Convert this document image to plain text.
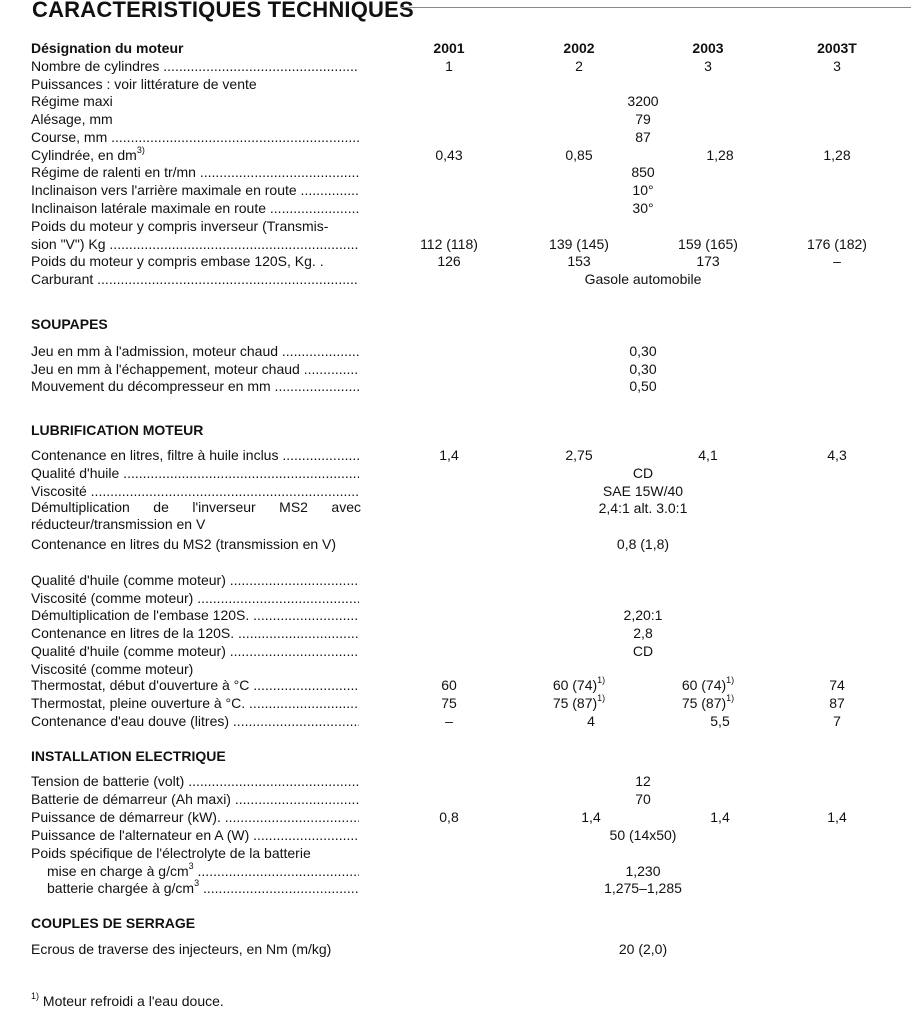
CARACTERISTIQUES TECHNIQUES
Désignation du moteur	2001	2002	2003	2003T
Nombre de cylindres .....	1	2	3	3
Puissances : voir littérature de vente
Régime maxi	3200
Alésage, mm	79
Course, mm .....	87
Cylindrée, en $dm^{3)}$	0,43	0,85	1,28	1,28
Régime de ralenti en tr/mn .....	850
Inclinaison vers l'arrière maximale en route .....	10°
Inclinaison latérale maximale en route .....	30°
Poids du moteur y compris inverseur (Transmis-
sion "V") Kg .....	112 (118)	139 (145)	159 (165)	176 (182)
Poids du moteur y compris embase 120S, Kg. .	126	153	173	–
Carburant .....	Gasole automobile
SOUPAPES
Jeu en mm à l'admission, moteur chaud .....	0,30
Jeu en mm à l'échappement, moteur chaud .....	0,30
Mouvement du décompresseur en mm .....	0,50
LUBRIFICATION MOTEUR
Contenance en litres, filtre à huile inclus .....	1,4	2,75	4,1	4,3
Qualité d'huile .....	CD
Viscosité .....	SAE 15W/40
Démultiplication de l'inverseur MS2 avec réducteur/transmission en V
2,4:1 alt. 3.0:1
Contenance en litres du MS2 (transmission en V)	0,8 (1,8)
Qualité d'huile (comme moteur) .....
Viscosité (comme moteur) .....
Démultiplication de l'embase 120S. .....	2,20:1
Contenance en litres de la 120S. .....	2,8
Qualité d'huile (comme moteur) .....	CD
Viscosité (comme moteur)
Thermostat, début d'ouverture à °C .....	60	60 $(74)^{1)}$	60 $(74)^{1)}$	74
Thermostat, pleine ouverture à °C. .....	75	75 $(87)^{1)}$	75 $(87)^{1)}$	87
Contenance d'eau douve (litres) .....	–	4	5,5	7
INSTALLATION ELECTRIQUE
Tension de batterie (volt) .....	12
Batterie de démarreur (Ah maxi) .....	70
Puissance de démarreur (kW). .....	0,8	1,4	1,4	1,4
Puissance de l'alternateur en A (W) .....	50 (14x50)
Poids spécifique de l'électrolyte de la batterie
mise en charge à $g/cm^3$ .....	1,230
batterie chargée à $g/cm^3$ .....	1,275–1,285
COUPLES DE SERRAGE
Ecrous de traverse des injecteurs, en Nm (m/kg)	20 (2,0)
$^{1)}$ Moteur refroidi a l'eau douce.
